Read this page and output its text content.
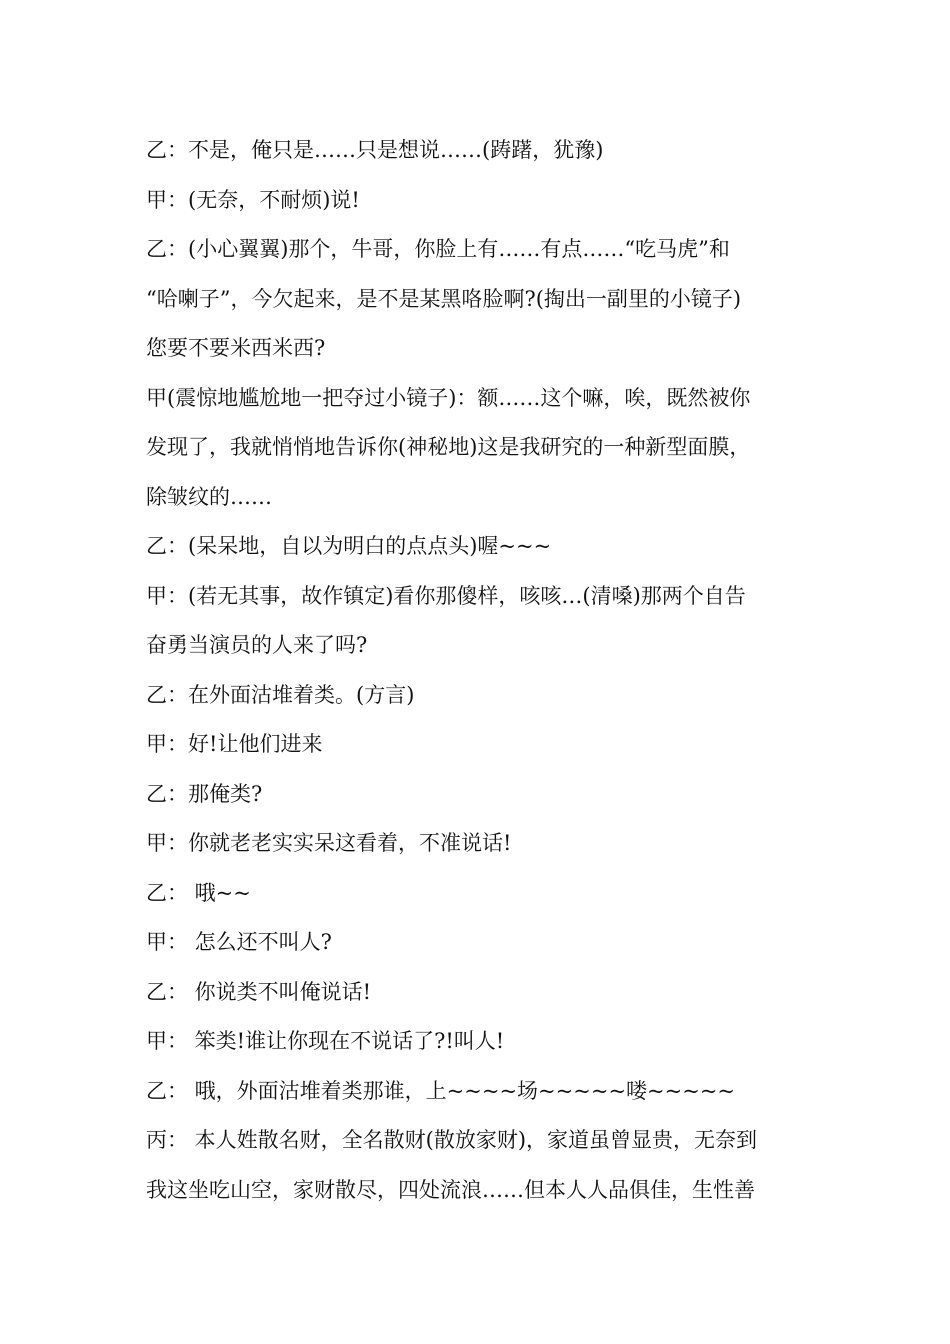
乙：不是，俺只是……只是想说……(踌躇，犹豫)
甲：(无奈，不耐烦)说!
乙：(小心翼翼)那个，牛哥，你脸上有……有点……“吃马虎”和
“哈喇子”，今欠起来，是不是某黑咯脸啊?(掏出一副里的小镜子)
您要不要米西米西?
甲(震惊地尴尬地一把夺过小镜子)：额……这个嘛，唉，既然被你
发现了，我就悄悄地告诉你(神秘地)这是我研究的一种新型面膜，
除皱纹的……
乙：(呆呆地，自以为明白的点点头)喔~~~
甲：(若无其事，故作镇定)看你那傻样，咳咳…(清嗓)那两个自告
奋勇当演员的人来了吗?
乙：在外面沽堆着类。(方言)
甲：好!让他们进来
乙：那俺类?
甲：你就老老实实呆这看着，不准说话!
乙： 哦~~
甲： 怎么还不叫人?
乙： 你说类不叫俺说话!
甲： 笨类!谁让你现在不说话了?!叫人!
乙： 哦，外面沽堆着类那谁，上~~~~场~~~~~喽~~~~~
丙： 本人姓散名财，全名散财(散放家财)，家道虽曾显贵，无奈到
我这坐吃山空，家财散尽，四处流浪……但本人人品俱佳，生性善
